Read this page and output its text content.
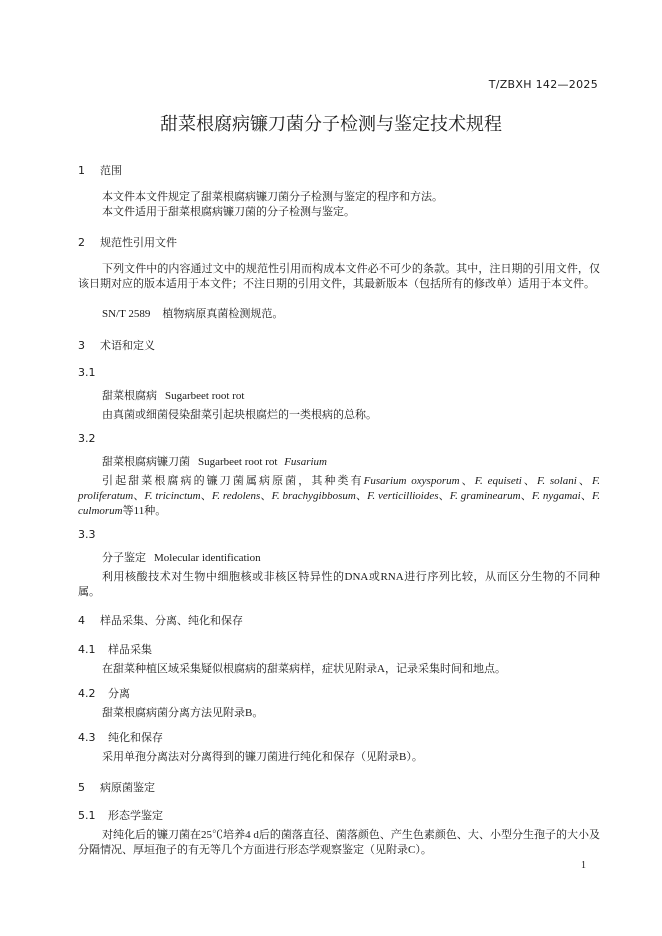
T/ZBXH 142—2025
甜菜根腐病镰刀菌分子检测与鉴定技术规程
1 范围
本文件本文件规定了甜菜根腐病镰刀菌分子检测与鉴定的程序和方法。
本文件适用于甜菜根腐病镰刀菌的分子检测与鉴定。
2 规范性引用文件
下列文件中的内容通过文中的规范性引用而构成本文件必不可少的条款。其中，注日期的引用文件，仅该日期对应的版本适用于本文件；不注日期的引用文件，其最新版本（包括所有的修改单）适用于本文件。
SN/T 2589 植物病原真菌检测规范。
3 术语和定义
3.1
甜菜根腐病 Sugarbeet root rot
由真菌或细菌侵染甜菜引起块根腐烂的一类根病的总称。
3.2
甜菜根腐病镰刀菌 Sugarbeet root rot Fusarium
引起甜菜根腐病的镰刀菌属病原菌，其种类有Fusarium oxysporum、F. equiseti、F. solani、F. proliferatum、F. tricinctum、F. redolens、F. brachygibbosum、F. verticillioides、F. graminearum、F. nygamai、F. culmorum等11种。
3.3
分子鉴定 Molecular identification
利用核酸技术对生物中细胞核或非核区特异性的DNA或RNA进行序列比较，从而区分生物的不同种属。
4 样品采集、分离、纯化和保存
4.1 样品采集
在甜菜种植区域采集疑似根腐病的甜菜病样，症状见附录A，记录采集时间和地点。
4.2 分离
甜菜根腐病菌分离方法见附录B。
4.3 纯化和保存
采用单孢分离法对分离得到的镰刀菌进行纯化和保存（见附录B）。
5 病原菌鉴定
5.1 形态学鉴定
对纯化后的镰刀菌在25℃培养4 d后的菌落直径、菌落颜色、产生色素颜色、大、小型分生孢子的大小及分隔情况、厚垣孢子的有无等几个方面进行形态学观察鉴定（见附录C）。
1
